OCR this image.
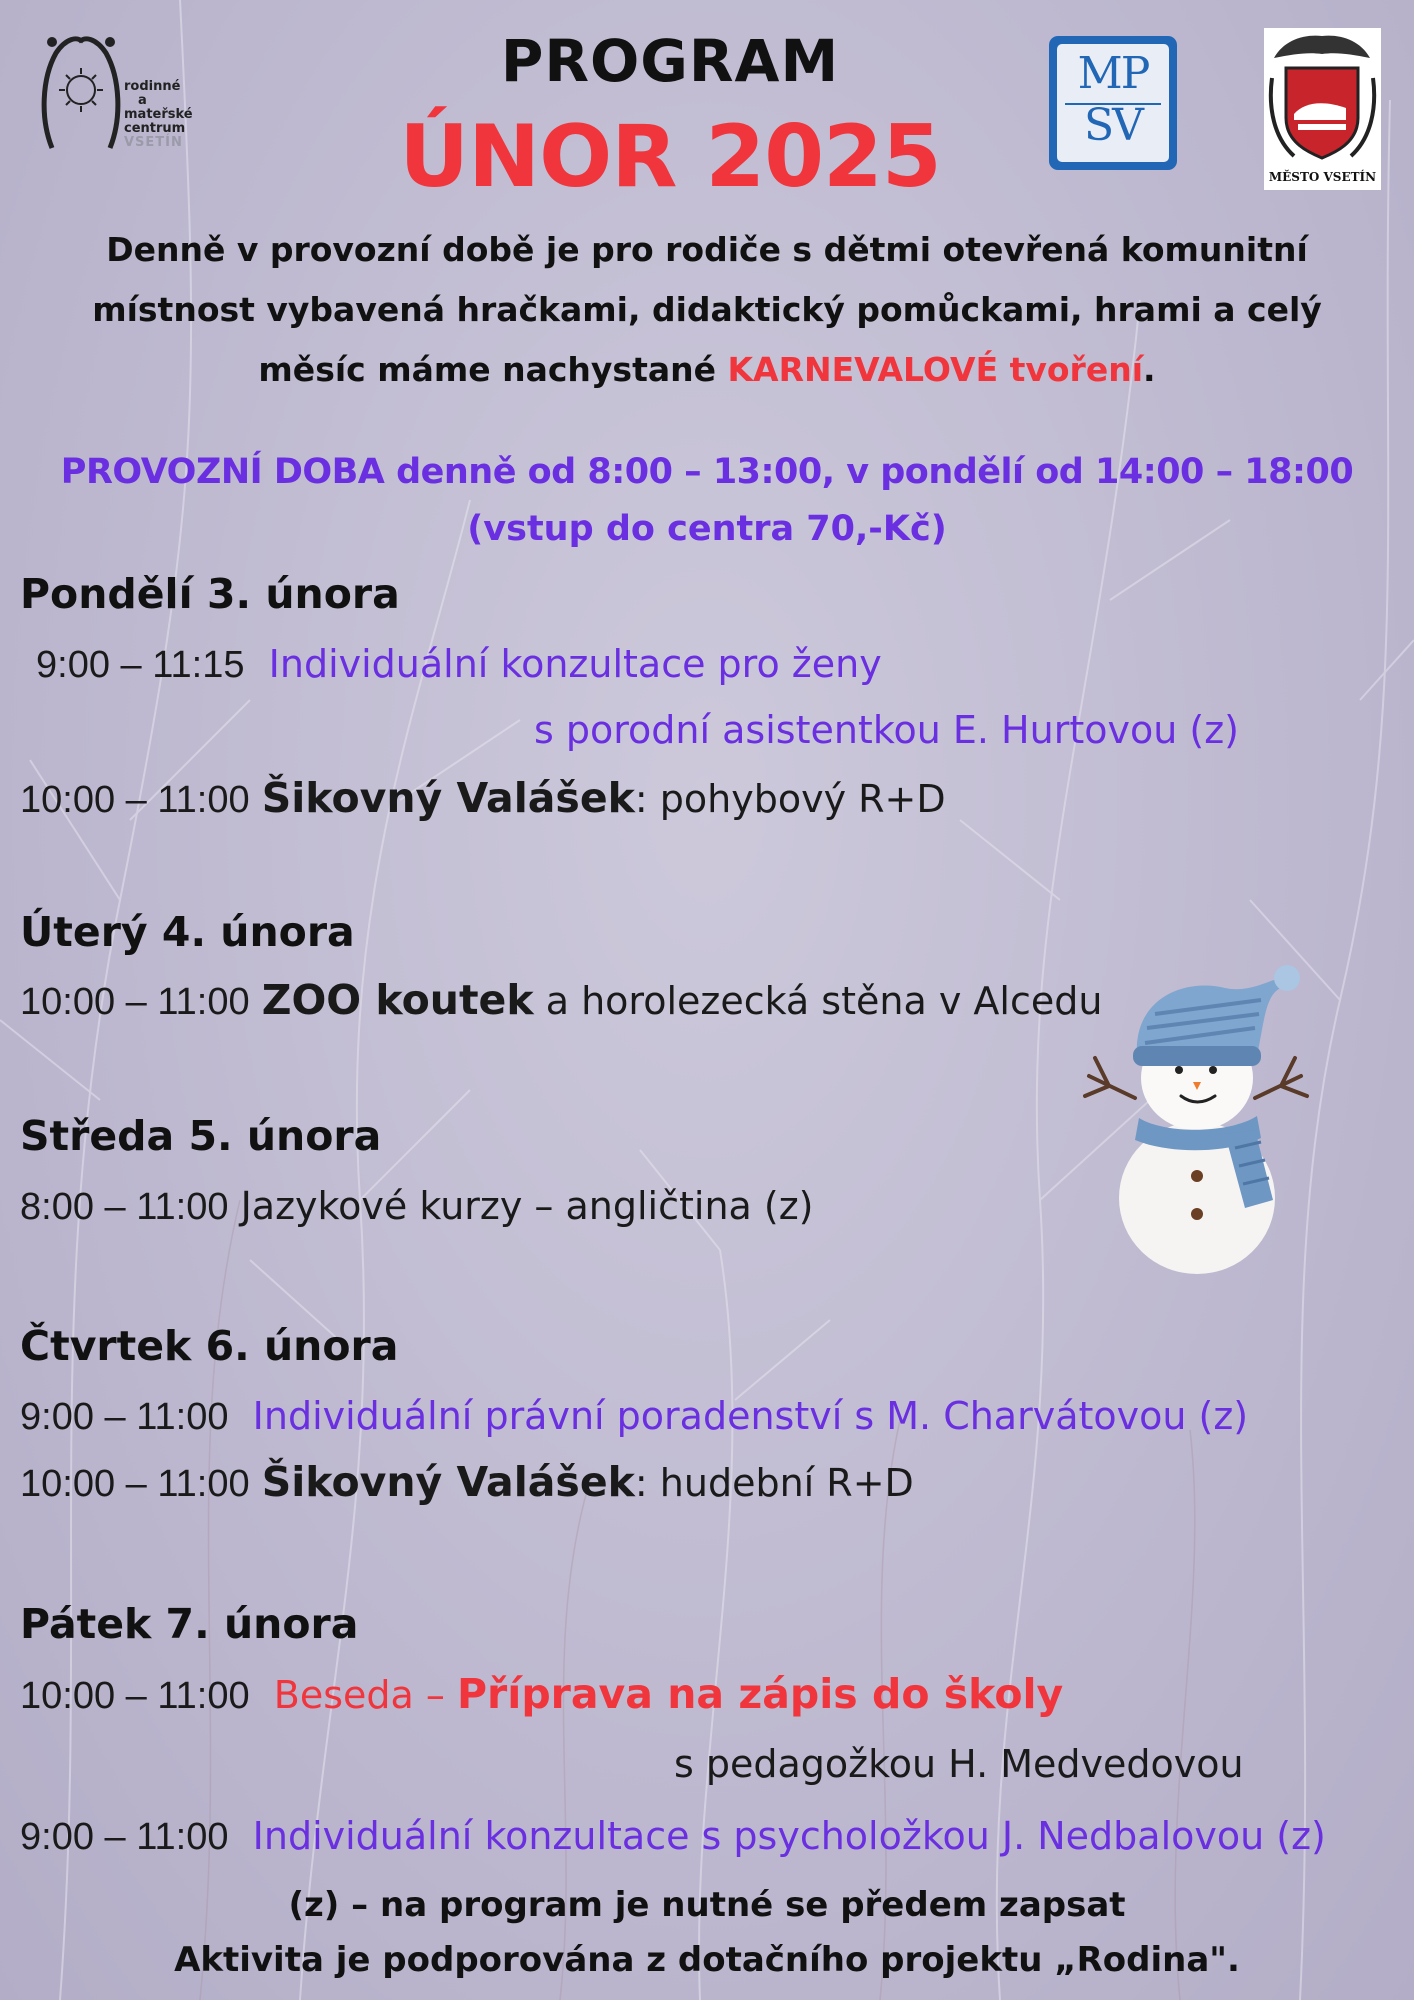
rodinné
a
mateřské
centrum
VSETÍN
PROGRAM
ÚNOR 2025
MP
SV
MĚSTO VSETÍN
Denně v provozní době je pro rodiče s dětmi otevřená komunitní
místnost vybavená hračkami, didaktický pomůckami, hrami a celý
měsíc máme nachystané KARNEVALOVÉ tvoření.
PROVOZNÍ DOBA denně od 8:00 – 13:00, v pondělí od 14:00 – 18:00
(vstup do centra 70,-Kč)
Pondělí 3. února
9:00 – 11:15 Individuální konzultace pro ženy
s porodní asistentkou E. Hurtovou (z)
10:00 – 11:00 Šikovný Valášek: pohybový R+D
Úterý 4. února
10:00 – 11:00 ZOO koutek a horolezecká stěna v Alcedu
Středa 5. února
8:00 – 11:00 Jazykové kurzy – angličtina (z)
Čtvrtek 6. února
9:00 – 11:00 Individuální právní poradenství s M. Charvátovou (z)
10:00 – 11:00 Šikovný Valášek: hudební R+D
Pátek 7. února
10:00 – 11:00 Beseda – Příprava na zápis do školy
s pedagožkou H. Medvedovou
9:00 – 11:00 Individuální konzultace s psycholožkou J. Nedbalovou (z)
(z) – na program je nutné se předem zapsat
Aktivita je podporována z dotačního projektu „Rodina".
